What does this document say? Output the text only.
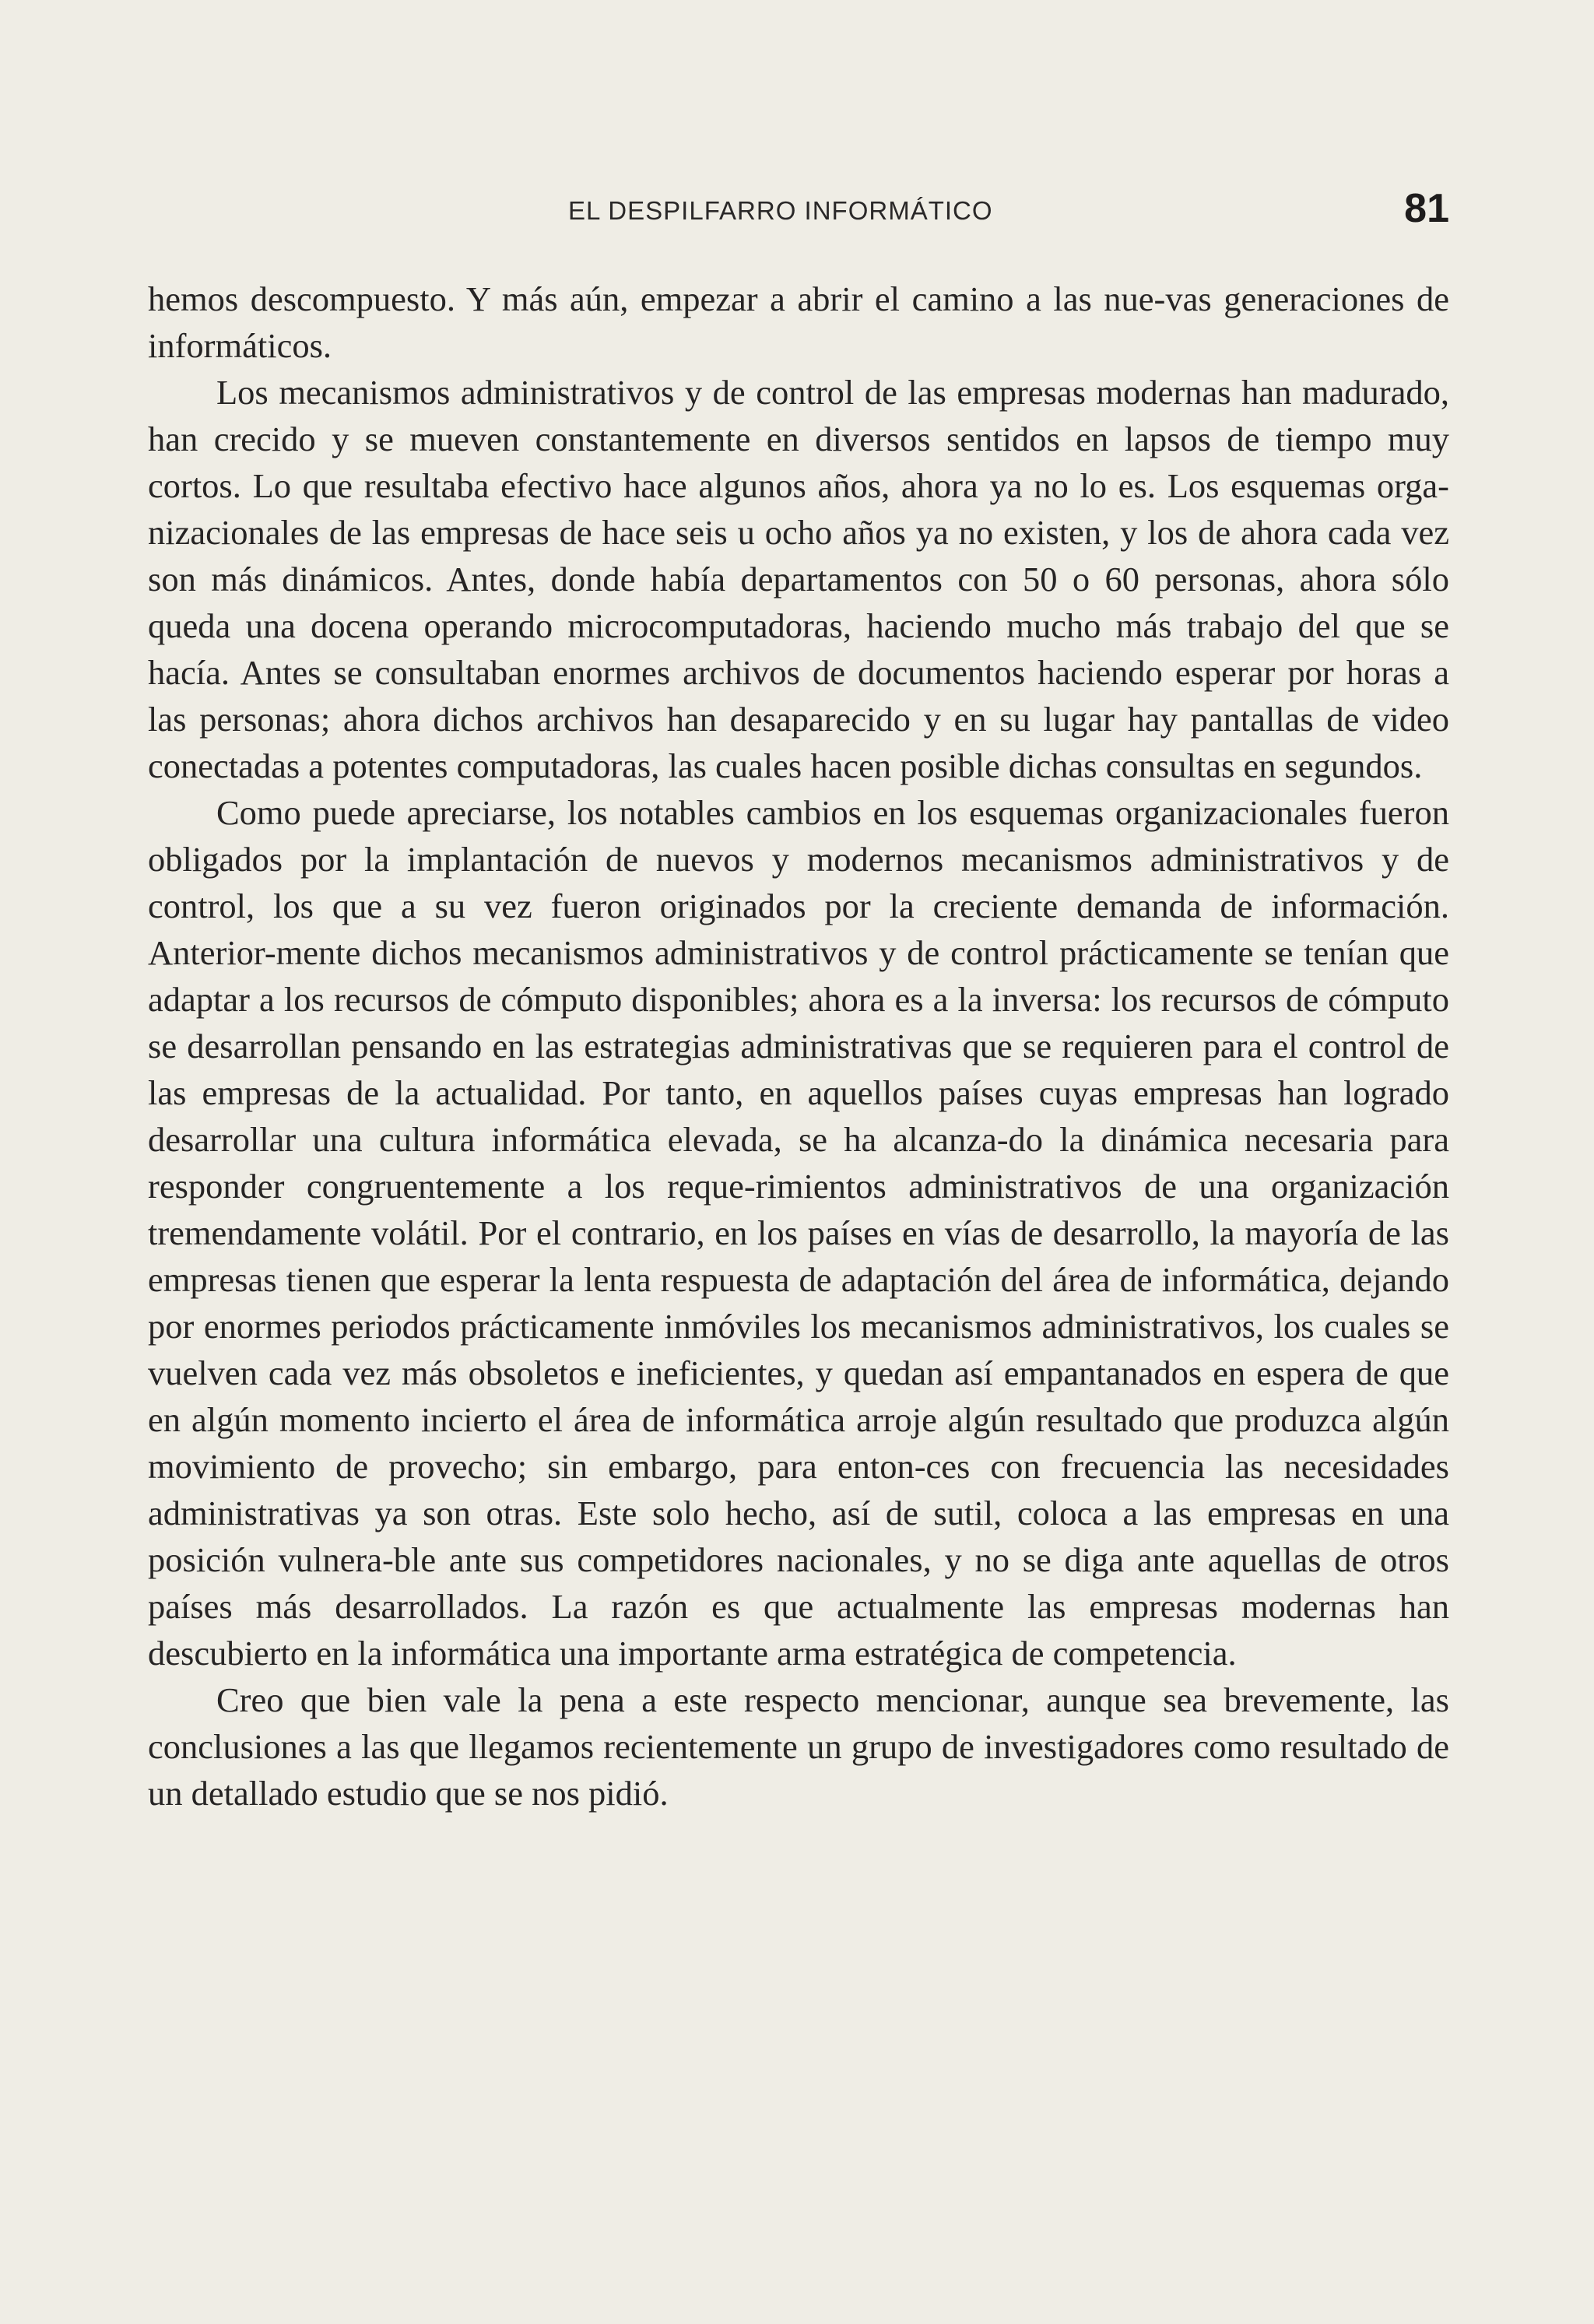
EL DESPILFARRO INFORMÁTICO	81

hemos descompuesto. Y más aún, empezar a abrir el camino a las nue-vas generaciones de informáticos.

Los mecanismos administrativos y de control de las empresas modernas han madurado, han crecido y se mueven constantemente en diversos sentidos en lapsos de tiempo muy cortos. Lo que resultaba efectivo hace algunos años, ahora ya no lo es. Los esquemas orga-nizacionales de las empresas de hace seis u ocho años ya no existen, y los de ahora cada vez son más dinámicos. Antes, donde había departamentos con 50 o 60 personas, ahora sólo queda una docena operando microcomputadoras, haciendo mucho más trabajo del que se hacía. Antes se consultaban enormes archivos de documentos haciendo esperar por horas a las personas; ahora dichos archivos han desaparecido y en su lugar hay pantallas de video conectadas a potentes computadoras, las cuales hacen posible dichas consultas en segundos.

Como puede apreciarse, los notables cambios en los esquemas organizacionales fueron obligados por la implantación de nuevos y modernos mecanismos administrativos y de control, los que a su vez fueron originados por la creciente demanda de información. Anterior-mente dichos mecanismos administrativos y de control prácticamente se tenían que adaptar a los recursos de cómputo disponibles; ahora es a la inversa: los recursos de cómputo se desarrollan pensando en las estrategias administrativas que se requieren para el control de las empresas de la actualidad. Por tanto, en aquellos países cuyas empresas han logrado desarrollar una cultura informática elevada, se ha alcanza-do la dinámica necesaria para responder congruentemente a los reque-rimientos administrativos de una organización tremendamente volátil. Por el contrario, en los países en vías de desarrollo, la mayoría de las empresas tienen que esperar la lenta respuesta de adaptación del área de informática, dejando por enormes periodos prácticamente inmóviles los mecanismos administrativos, los cuales se vuelven cada vez más obsoletos e ineficientes, y quedan así empantanados en espera de que en algún momento incierto el área de informática arroje algún resultado que produzca algún movimiento de provecho; sin embargo, para enton-ces con frecuencia las necesidades administrativas ya son otras. Este solo hecho, así de sutil, coloca a las empresas en una posición vulnera-ble ante sus competidores nacionales, y no se diga ante aquellas de otros países más desarrollados. La razón es que actualmente las empresas modernas han descubierto en la informática una importante arma estratégica de competencia.

Creo que bien vale la pena a este respecto mencionar, aunque sea brevemente, las conclusiones a las que llegamos recientemente un grupo de investigadores como resultado de un detallado estudio que se nos pidió.
